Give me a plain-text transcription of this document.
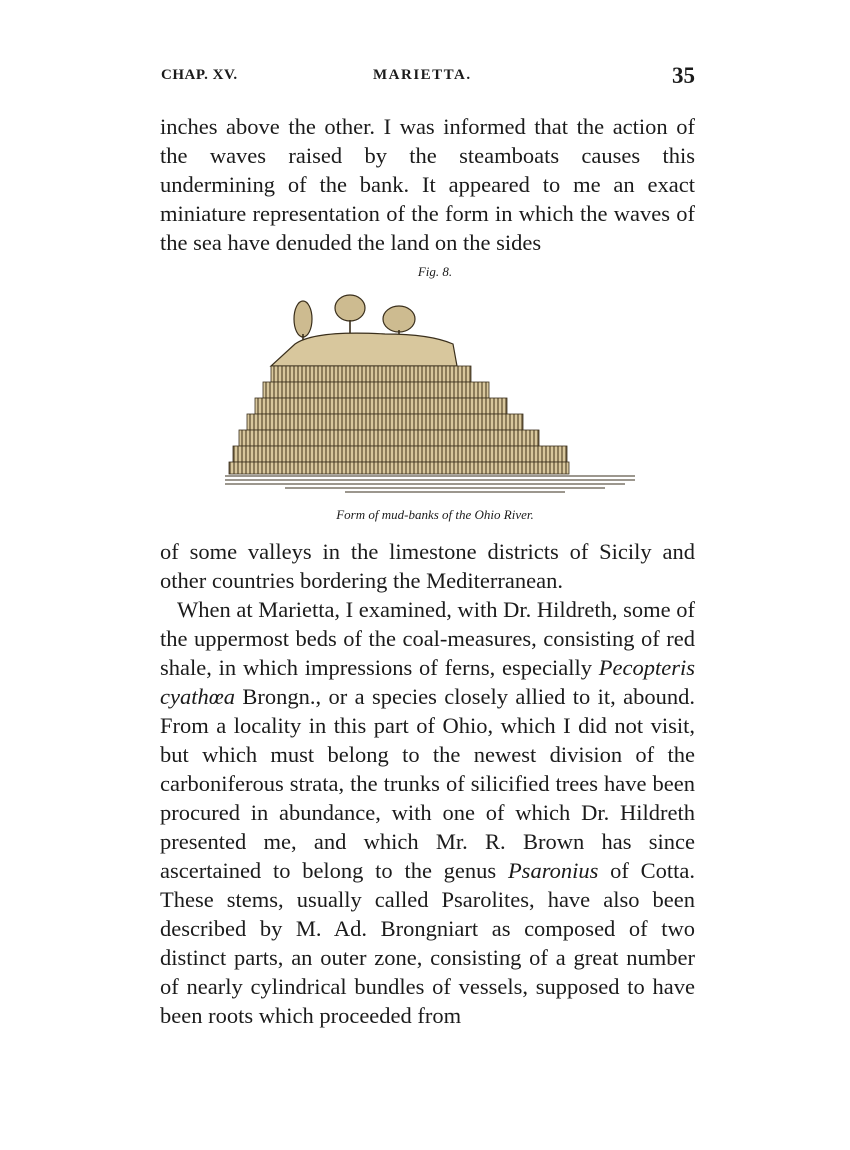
CHAP. XV.	MARIETTA.	35

inches above the other. I was informed that the action of the waves raised by the steamboats causes this undermining of the bank. It appeared to me an exact miniature representation of the form in which the waves of the sea have denuded the land on the sides

Fig. 8.
Form of mud-banks of the Ohio River.

of some valleys in the limestone districts of Sicily and other countries bordering the Mediterranean.

When at Marietta, I examined, with Dr. Hildreth, some of the uppermost beds of the coal-measures, consisting of red shale, in which impressions of ferns, especially Pecopteris cyathœa Brongn., or a species closely allied to it, abound. From a locality in this part of Ohio, which I did not visit, but which must belong to the newest division of the carboniferous strata, the trunks of silicified trees have been procured in abundance, with one of which Dr. Hildreth presented me, and which Mr. R. Brown has since ascertained to belong to the genus Psaronius of Cotta. These stems, usually called Psarolites, have also been described by M. Ad. Brongniart as composed of two distinct parts, an outer zone, consisting of a great number of nearly cylindrical bundles of vessels, supposed to have been roots which proceeded from
